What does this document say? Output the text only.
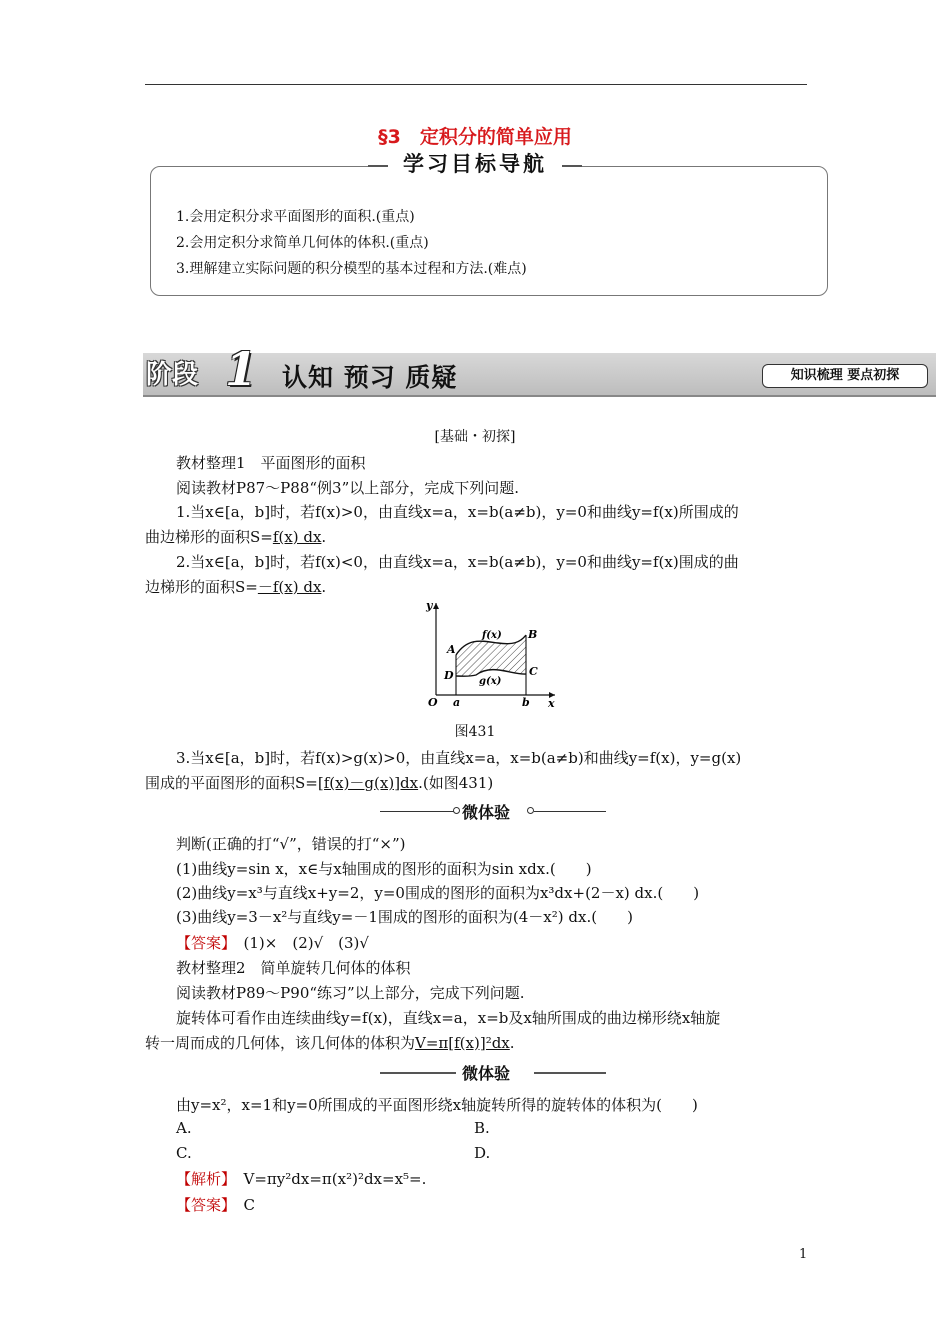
§3　定积分的简单应用
学习目标导航
1.会用定积分求平面图形的面积.(重点)
2.会用定积分求简单几何体的体积.(重点)
3.理解建立实际问题的积分模型的基本过程和方法.(难点)
阶段 1 认知 预习 质疑	知识梳理 要点初探
[基础・初探]
教材整理1　平面图形的面积
阅读教材P87～P88“例3”以上部分，完成下列问题.
1.当x∈[a，b]时，若f(x)>0，由直线x=a，x=b(a≠b)，y=0和曲线y=f(x)所围成的
曲边梯形的面积S=f(x) dx.
2.当x∈[a，b]时，若f(x)<0，由直线x=a，x=b(a≠b)，y=0和曲线y=f(x)围成的曲
边梯形的面积S=－f(x) dx.
y
x
O a	b
A
B
C
D
f(x)
g(x)
图431
3.当x∈[a，b]时，若f(x)>g(x)>0，由直线x=a，x=b(a≠b)和曲线y=f(x)，y=g(x)
围成的平面图形的面积S=[f(x)－g(x)]dx.(如图431)
微体验
判断(正确的打“√”，错误的打“×”)
(1)曲线y=sin x，x∈与x轴围成的图形的面积为sin xdx.(　　)
(2)曲线y=x³与直线x+y=2，y=0围成的图形的面积为x³dx+(2－x) dx.(　　)
(3)曲线y=3－x²与直线y=－1围成的图形的面积为(4－x²) dx.(　　)
【答案】　 (1)×　(2)√　(3)√
教材整理2　简单旋转几何体的体积
阅读教材P89～P90“练习”以上部分，完成下列问题.
旋转体可看作由连续曲线y=f(x)，直线x=a，x=b及x轴所围成的曲边梯形绕x轴旋
转一周而成的几何体，该几何体的体积为V=π[f(x)]²dx.
微体验
由y=x²，x=1和y=0所围成的平面图形绕x轴旋转所得的旋转体的体积为(　　)
A.	B.
C.	D.
【解析】　 V=πy²dx=π(x²)²dx=x⁵=.
【答案】　 C
1
